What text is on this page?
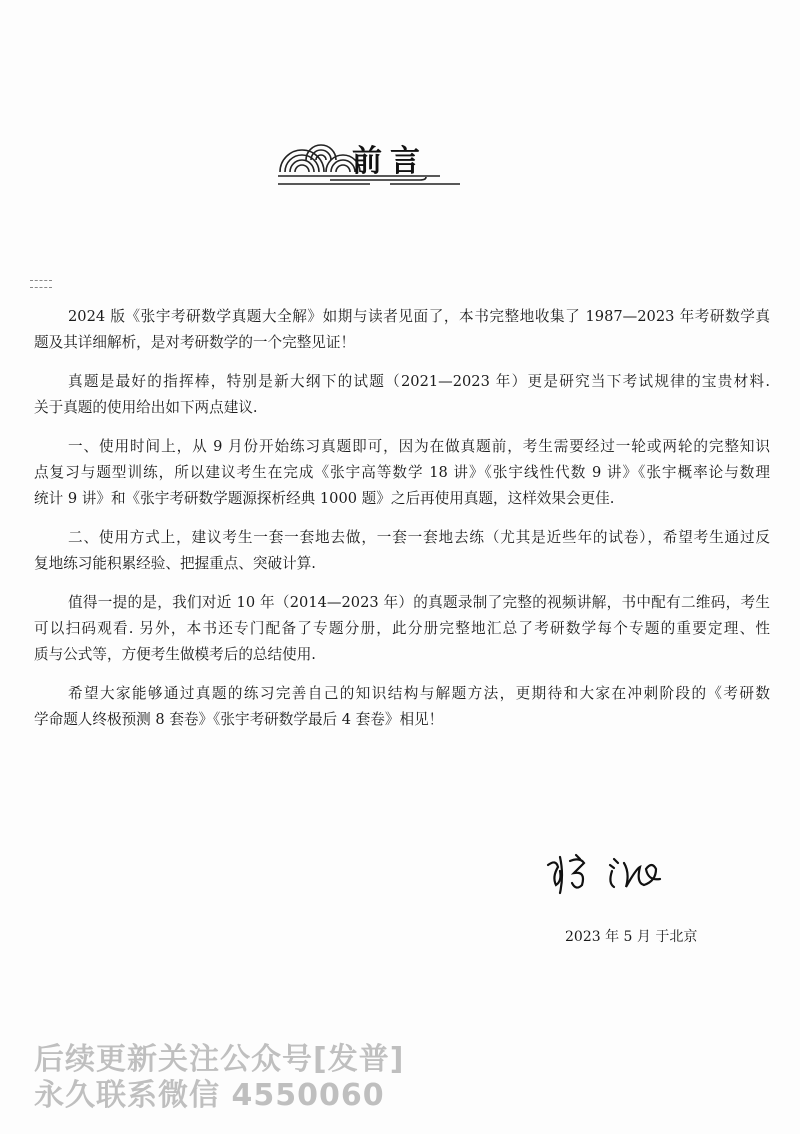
前言
2024 版《张宇考研数学真题大全解》如期与读者见面了，本书完整地收集了 1987—2023 年考研数学真
题及其详细解析，是对考研数学的一个完整见证！
真题是最好的指挥棒，特别是新大纲下的试题（2021—2023 年）更是研究当下考试规律的宝贵材料.
关于真题的使用给出如下两点建议.
一、使用时间上，从 9 月份开始练习真题即可，因为在做真题前，考生需要经过一轮或两轮的完整知识
点复习与题型训练，所以建议考生在完成《张宇高等数学 18 讲》《张宇线性代数 9 讲》《张宇概率论与数理
统计 9 讲》和《张宇考研数学题源探析经典 1000 题》之后再使用真题，这样效果会更佳.
二、使用方式上，建议考生一套一套地去做，一套一套地去练（尤其是近些年的试卷），希望考生通过反
复地练习能积累经验、把握重点、突破计算.
值得一提的是，我们对近 10 年（2014—2023 年）的真题录制了完整的视频讲解，书中配有二维码，考生
可以扫码观看. 另外，本书还专门配备了专题分册，此分册完整地汇总了考研数学每个专题的重要定理、性
质与公式等，方便考生做模考后的总结使用.
希望大家能够通过真题的练习完善自己的知识结构与解题方法，更期待和大家在冲刺阶段的《考研数
学命题人终极预测 8 套卷》《张宇考研数学最后 4 套卷》相见！
2023 年 5 月 于北京
后续更新关注公众号[发普]
永久联系微信 4550060
